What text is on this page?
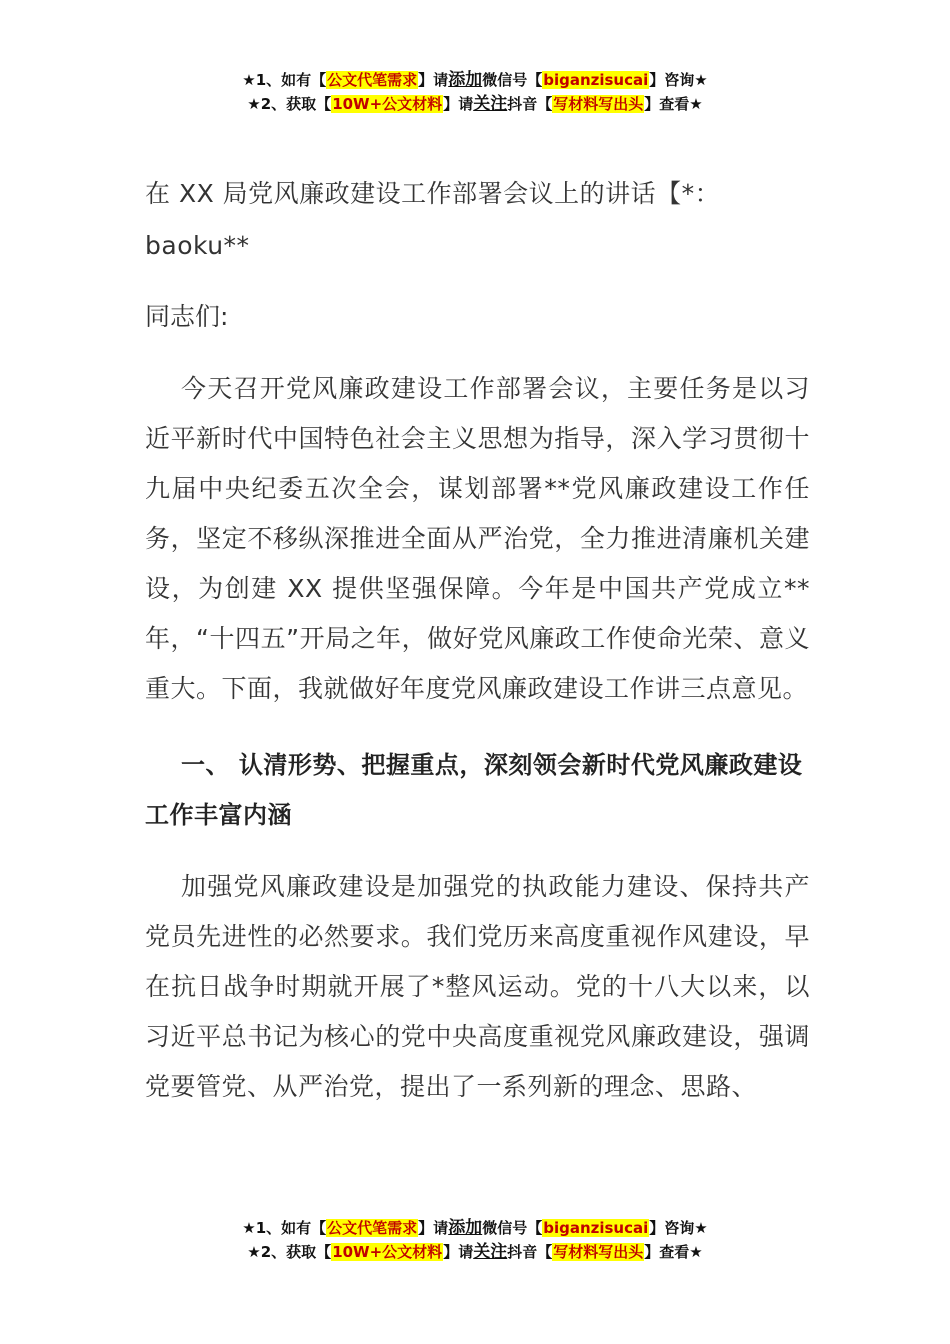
★1、如有【公文代笔需求】请添加微信号【biganzisucai】咨询★
★2、获取【10W+公文材料】请关注抖音【写材料写出头】查看★

在 XX 局党风廉政建设工作部署会议上的讲话【*：baoku**

同志们:

今天召开党风廉政建设工作部署会议，主要任务是以习近平新时代中国特色社会主义思想为指导，深入学习贯彻十九届中央纪委五次全会，谋划部署**党风廉政建设工作任务，坚定不移纵深推进全面从严治党，全力推进清廉机关建设，为创建 XX 提供坚强保障。今年是中国共产党成立**年，“十四五”开局之年，做好党风廉政工作使命光荣、意义重大。下面，我就做好年度党风廉政建设工作讲三点意见。

一、 认清形势、把握重点，深刻领会新时代党风廉政建设工作丰富内涵

加强党风廉政建设是加强党的执政能力建设、保持共产党员先进性的必然要求。我们党历来高度重视作风建设，早在抗日战争时期就开展了*整风运动。党的十八大以来，以习近平总书记为核心的党中央高度重视党风廉政建设，强调党要管党、从严治党，提出了一系列新的理念、思路、

★1、如有【公文代笔需求】请添加微信号【biganzisucai】咨询★
★2、获取【10W+公文材料】请关注抖音【写材料写出头】查看★
